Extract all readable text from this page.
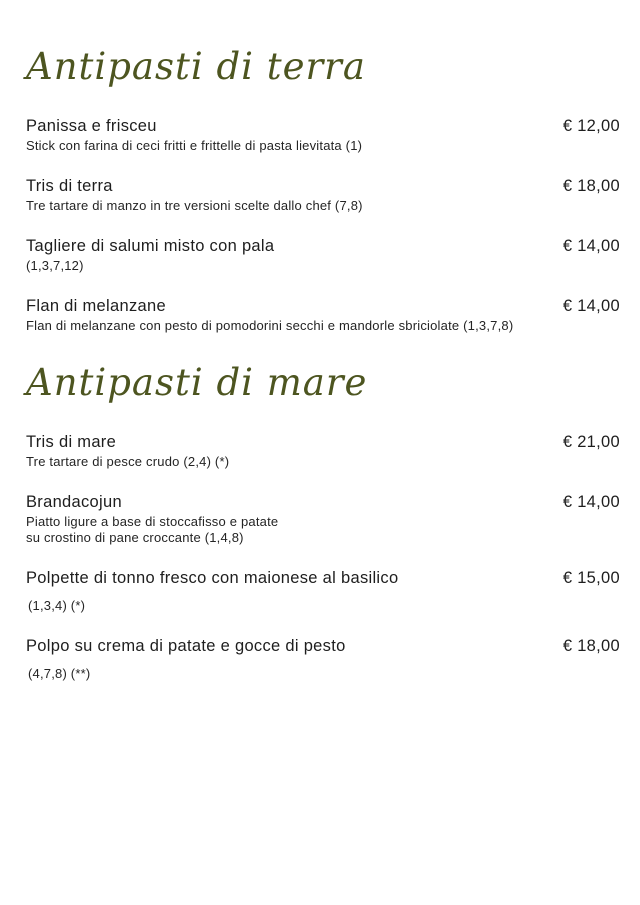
Antipasti di terra
Panissa e frisceu	€ 12,00
Stick con farina di ceci fritti e frittelle di pasta lievitata (1)
Tris di terra	€ 18,00
Tre tartare di manzo in tre versioni scelte dallo chef (7,8)
Tagliere di salumi misto con pala	€ 14,00
(1,3,7,12)
Flan di melanzane	€ 14,00
Flan di melanzane con pesto di pomodorini secchi e mandorle sbriciolate (1,3,7,8)
Antipasti di mare
Tris di mare	€ 21,00
Tre tartare di pesce crudo (2,4) (*)
Brandacojun	€ 14,00
Piatto ligure a base di stoccafisso e patate
su crostino di pane croccante (1,4,8)
Polpette di tonno fresco con maionese al basilico	€ 15,00
(1,3,4) (*)
Polpo su crema di patate e gocce di pesto	€ 18,00
(4,7,8) (**)
